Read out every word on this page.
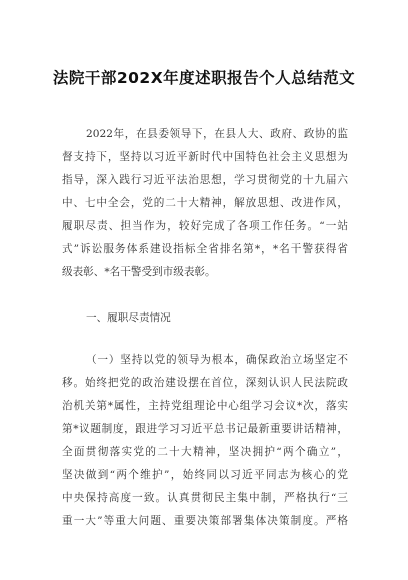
法院干部202X年度述职报告个人总结范文
2022年，在县委领导下，在县人大、政府、政协的监
督支持下，坚持以习近平新时代中国特色社会主义思想为
指导，深入践行习近平法治思想，学习贯彻党的十九届六
中、七中全会，党的二十大精神，解放思想、改进作风，
履职尽责、担当作为，较好完成了各项工作任务。“一站
式”诉讼服务体系建设指标全省排名第*，*名干警获得省
级表彰、*名干警受到市级表彰。
一、履职尽责情况
（一）坚持以党的领导为根本，确保政治立场坚定不
移。始终把党的政治建设摆在首位，深刻认识人民法院政
治机关第*属性，主持党组理论中心组学习会议*次，落实
第*议题制度，跟进学习习近平总书记最新重要讲话精神，
全面贯彻落实党的二十大精神，坚决拥护“两个确立”，
坚决做到“两个维护”，始终同以习近平同志为核心的党
中央保持高度一致。认真贯彻民主集中制，严格执行“三
重一大”等重大问题、重要决策部署集体决策制度。严格
